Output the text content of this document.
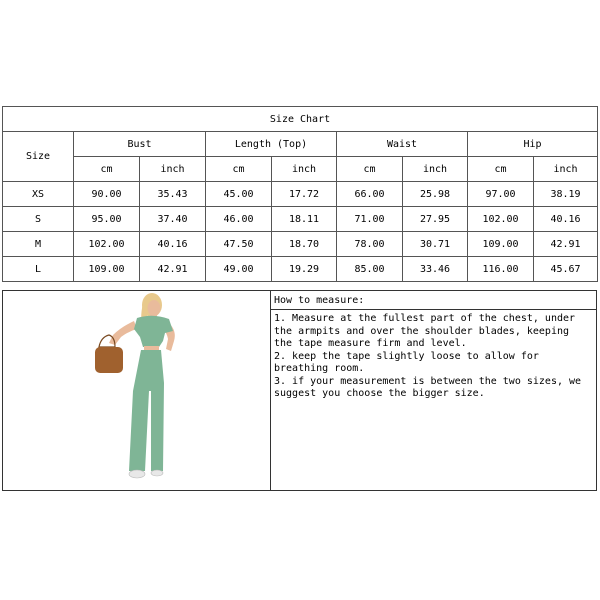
Size Chart								
Size	Bust		Length (Top)		Waist		Hip	
	cm	inch	cm	inch	cm	inch	cm	inch
XS	90.00	35.43	45.00	17.72	66.00	25.98	97.00	38.19
S	95.00	37.40	46.00	18.11	71.00	27.95	102.00	40.16
M	102.00	40.16	47.50	18.70	78.00	30.71	109.00	42.91
L	109.00	42.91	49.00	19.29	85.00	33.46	116.00	45.67
How to measure:

1. Measure at the fullest part of the chest, under the armpits and over the shoulder blades, keeping the tape measure firm and level.

2. keep the tape slightly loose to allow for breathing room.

3. if your measurement is between the two sizes, we suggest you choose the bigger size.
